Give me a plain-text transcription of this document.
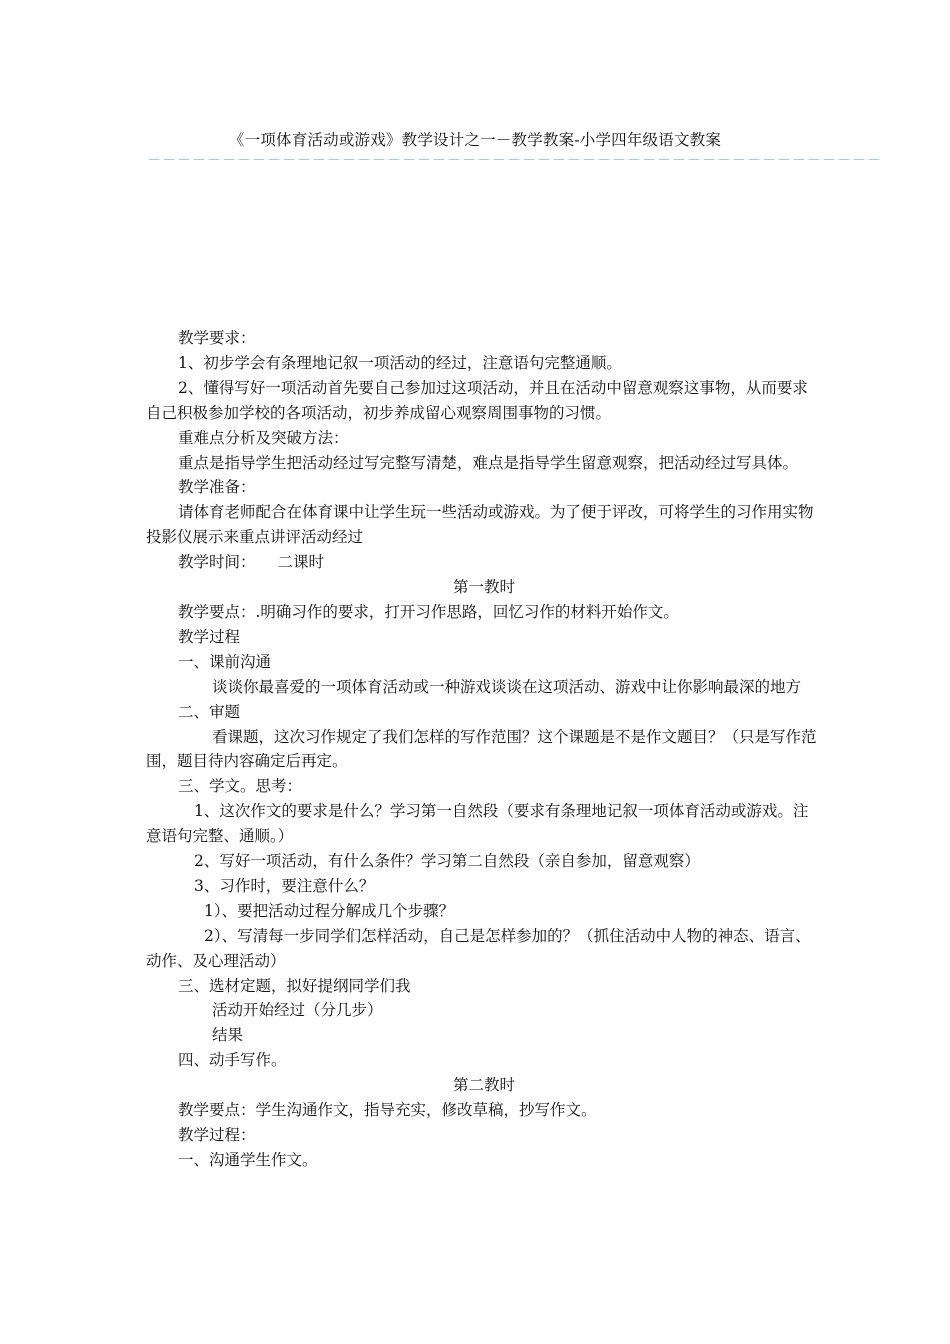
《一项体育活动或游戏》教学设计之一－教学教案-小学四年级语文教案
－－－－－－－－－－－－－－－－－－－－－－－－－－－－－－－－－－－－－－－－－－－－－－－－－

教学要求：

1、初步学会有条理地记叙一项活动的经过，注意语句完整通顺。

2、懂得写好一项活动首先要自己参加过这项活动，并且在活动中留意观察这事物，从而要求自己积极参加学校的各项活动，初步养成留心观察周围事物的习惯。

重难点分析及突破方法：

重点是指导学生把活动经过写完整写清楚，难点是指导学生留意观察，把活动经过写具体。

教学准备：

请体育老师配合在体育课中让学生玩一些活动或游戏。为了便于评改，可将学生的习作用实物投影仪展示来重点讲评活动经过

教学时间： 二课时

第一教时

教学要点：.明确习作的要求，打开习作思路，回忆习作的材料开始作文。

教学过程

一、课前沟通

谈谈你最喜爱的一项体育活动或一种游戏谈谈在这项活动、游戏中让你影响最深的地方

二、审题

看课题，这次习作规定了我们怎样的写作范围？这个课题是不是作文题目？（只是写作范围，题目待内容确定后再定。

三、学文。思考：

1、这次作文的要求是什么？学习第一自然段（要求有条理地记叙一项体育活动或游戏。注意语句完整、通顺。）

2、写好一项活动，有什么条件？学习第二自然段（亲自参加，留意观察）

3、习作时，要注意什么？

1）、要把活动过程分解成几个步骤？

2）、写清每一步同学们怎样活动，自己是怎样参加的？（抓住活动中人物的神态、语言、动作、及心理活动）

三、选材定题，拟好提纲同学们我

活动开始经过（分几步）

结果

四、动手写作。

第二教时

教学要点：学生沟通作文，指导充实，修改草稿，抄写作文。

教学过程：

一、沟通学生作文。
